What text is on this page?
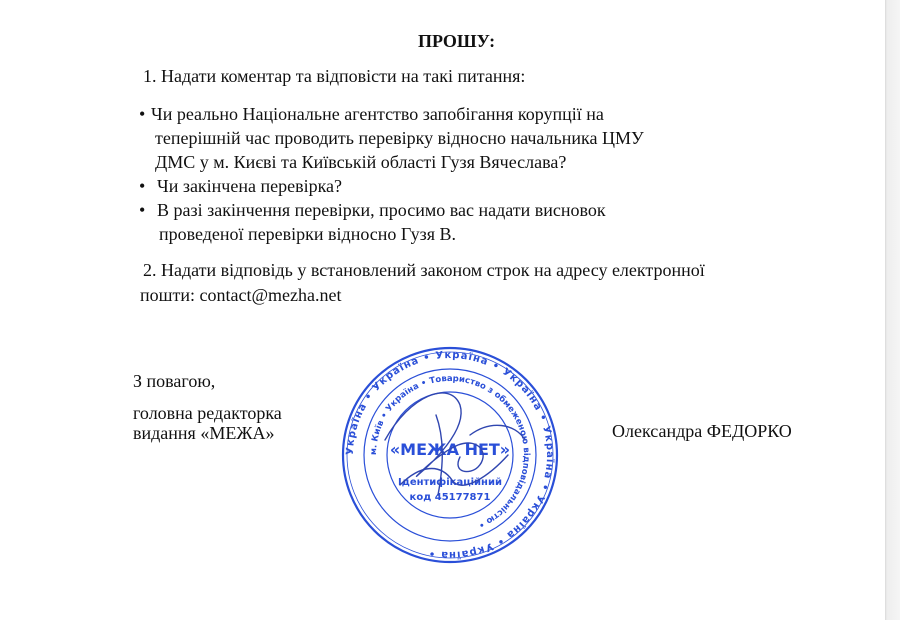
ПРОШУ:

1. Надати коментар та відповісти на такі питання:

• Чи реально Національне агентство запобігання корупції на

теперішній час проводить перевірку відносно начальника ЦМУ

ДМС у м. Києві та Київській області Гузя Вячеслава?

• Чи закінчена перевірка?

• В разі закінчення перевірки, просимо вас надати висновок

проведеної перевірки відносно Гузя В.

2. Надати відповідь у встановлений законом строк на адресу електронної

пошти: contact@mezha.net

З повагою,

головна редакторка

видання «МЕЖА»	Олександра ФЕДОРКО

Україна • Україна • Україна • Україна • Україна • Україна • Україна •
м. Київ • Україна • Товариство з обмеженою відповідальністю •
«МЕЖА НЕТ»
Ідентифікаційний
код 45177871
